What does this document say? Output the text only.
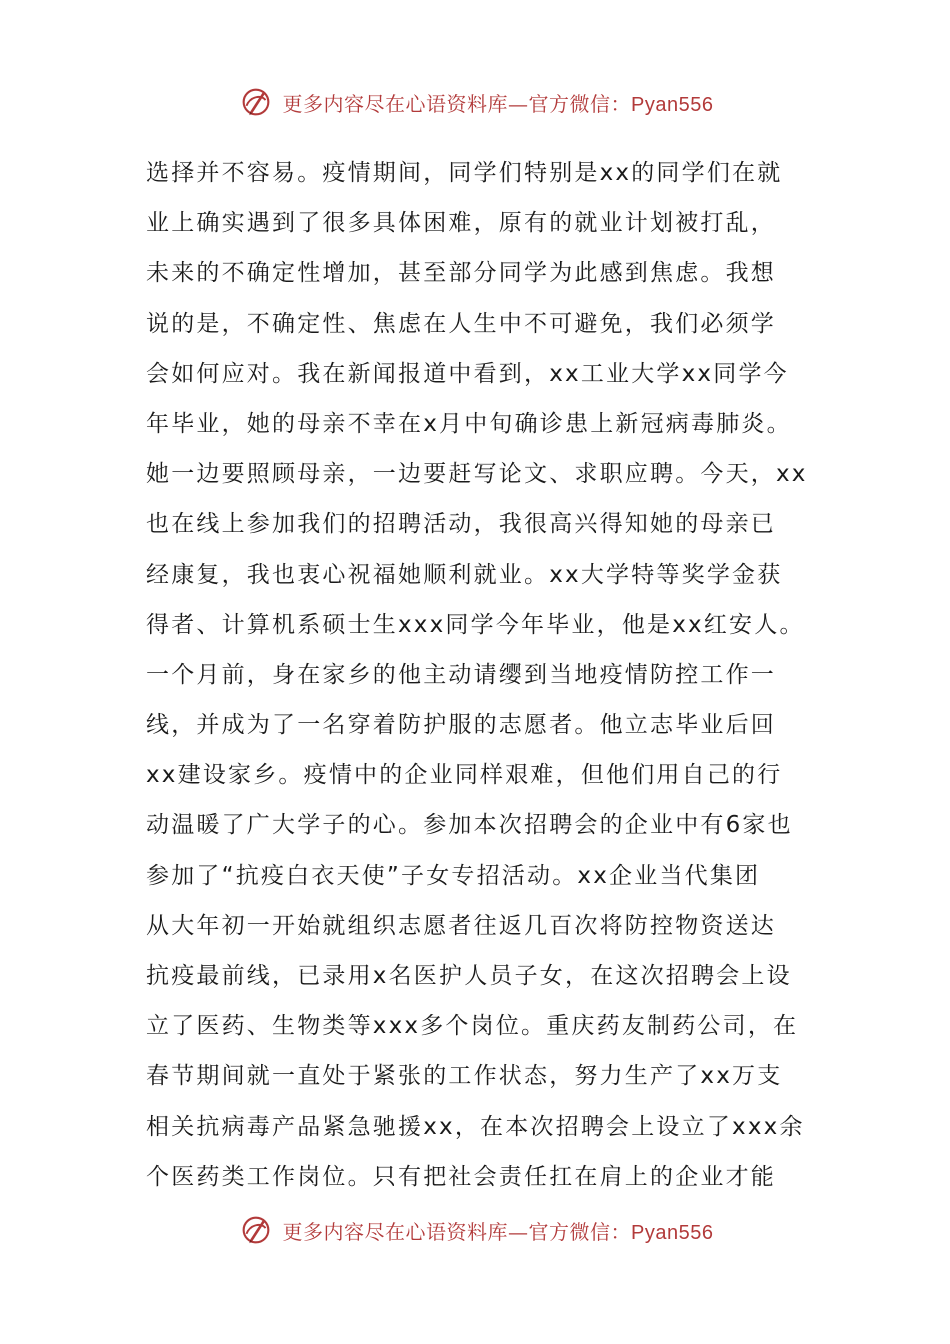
更多内容尽在心语资料库—官方微信：Pyan556
选择并不容易。疫情期间，同学们特别是xx的同学们在就
业上确实遇到了很多具体困难，原有的就业计划被打乱，
未来的不确定性增加，甚至部分同学为此感到焦虑。我想
说的是，不确定性、焦虑在人生中不可避免，我们必须学
会如何应对。我在新闻报道中看到，xx工业大学xx同学今
年毕业，她的母亲不幸在x月中旬确诊患上新冠病毒肺炎。
她一边要照顾母亲，一边要赶写论文、求职应聘。今天，xx
也在线上参加我们的招聘活动，我很高兴得知她的母亲已
经康复，我也衷心祝福她顺利就业。xx大学特等奖学金获
得者、计算机系硕士生xxx同学今年毕业，他是xx红安人。
一个月前，身在家乡的他主动请缨到当地疫情防控工作一
线，并成为了一名穿着防护服的志愿者。他立志毕业后回
xx建设家乡。疫情中的企业同样艰难，但他们用自己的行
动温暖了广大学子的心。参加本次招聘会的企业中有6家也
参加了“抗疫白衣天使”子女专招活动。xx企业当代集团
从大年初一开始就组织志愿者往返几百次将防控物资送达
抗疫最前线，已录用x名医护人员子女，在这次招聘会上设
立了医药、生物类等xxx多个岗位。重庆药友制药公司，在
春节期间就一直处于紧张的工作状态，努力生产了xx万支
相关抗病毒产品紧急驰援xx，在本次招聘会上设立了xxx余
个医药类工作岗位。只有把社会责任扛在肩上的企业才能
更多内容尽在心语资料库—官方微信：Pyan556
